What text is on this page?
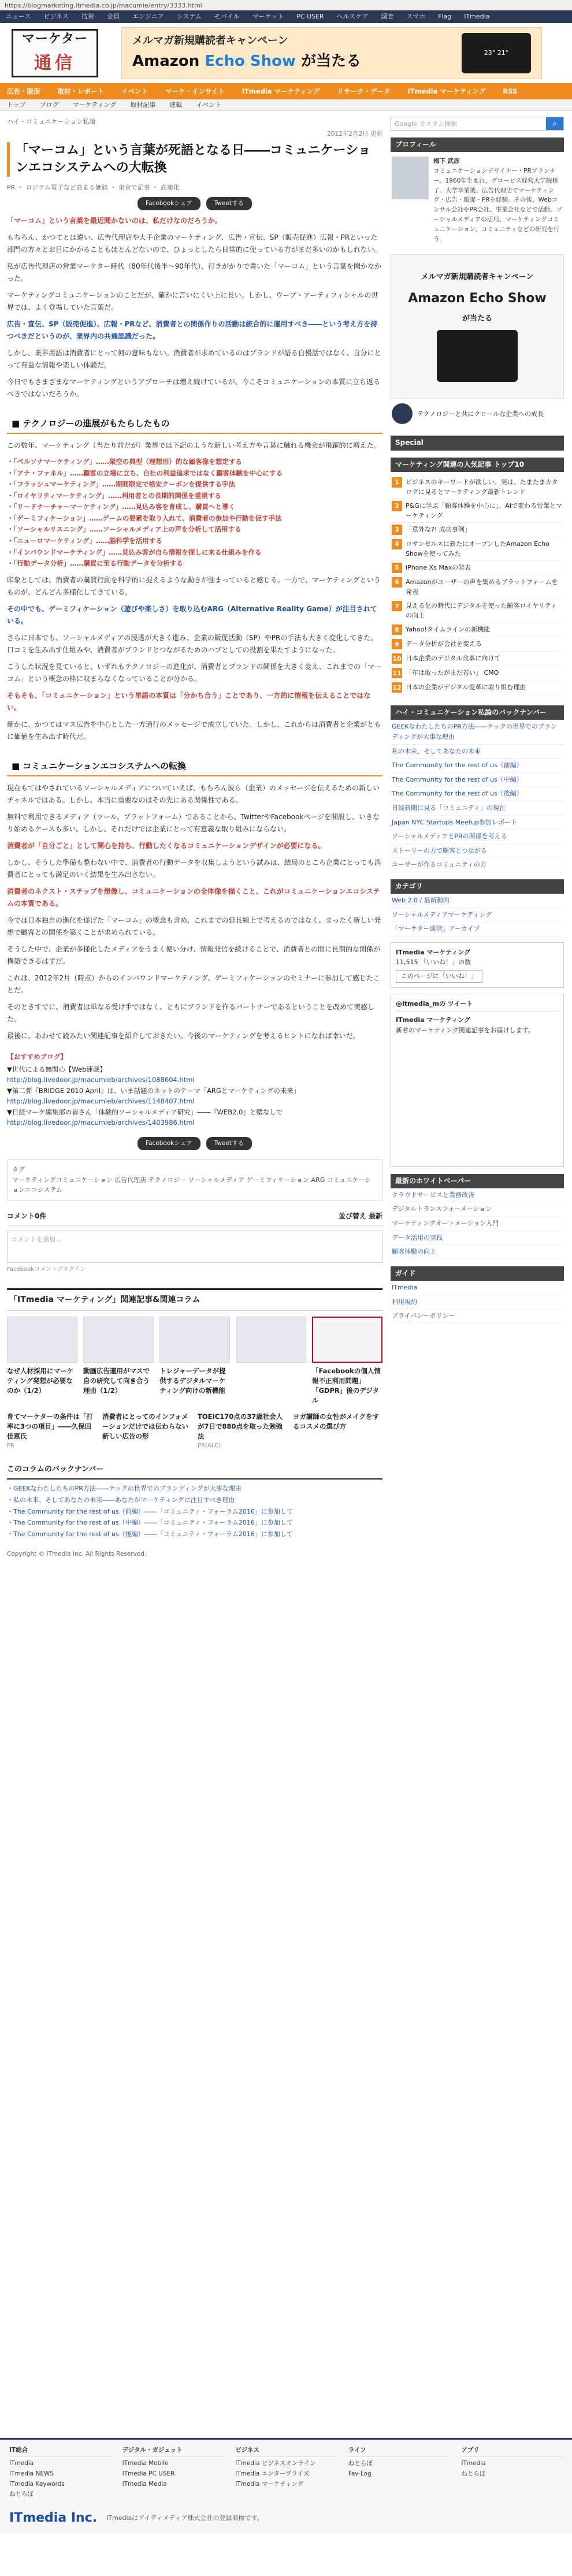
https://blogmarketing.itmedia.co.jp/macumie/entry/3333.html
ニュース ビジネス 技術 会員 エンジニア システム モバイル マーケット PC USER ヘルスケア 調査 スマホ Flag ITmedia
マーケター
通信
メルマガ新規購読者キャンペーン
Amazon Echo Show が当たる	23° 21°
広告・販促	取材・レポート	イベント	マーケ・インサイト	ITmedia マーケティング	リサーチ・データ	ITmedia マーケティング	RSS
トップ ブログ マーケティング 取材記事 連載 イベント
ハイ・コミュニケーション私論
2012年2月2日 更新
「マーコム」という言葉が死語となる日――コミュニケーションエコシステムへの大転換
PR ・ ロジテム電子など高まる価値 ・ 東京で記事 ・ 高速化
Facebookシェア	Tweetする

「マーコム」という言葉を最近聞かないのは、私だけなのだろうか。

もちろん、かつてとは違い、広告代理店や大手企業のマーケティング、広告・宣伝、SP（販売促進）広報・PRといった部門の方々とお目にかかることもほとんどないので、ひょっとしたら日常的に使っている方がまだ多いのかもしれない。

私が広告代理店の営業マーケター時代（80年代後半〜90年代）、行きがかりで書いた「マーコム」という言葉を聞かなかった。

マーケティングコミュニケーションのことだが、確かに言いにくい上に長い。しかし、ウーブ・アーティフィシャルの世界では、よく登場していた言葉だ。

広告・宣伝、SP（販売促進）、広報・PRなど、消費者との関係作りの活動は統合的に運用すべき――という考え方を持つべきだというのが、業界内の共通認識だった。

しかし、業界用語は消費者にとって何の意味もない。消費者が求めているのはブランドが語る自慢話ではなく、自分にとって有益な情報や楽しい体験だ。

今日でもさまざまなマーケティングというアプローチは増え続けているが、今こそコミュニケーションの本質に立ち返るべきではないだろうか。

■ テクノロジーの進展がもたらしたもの

この数年、マーケティング（当たり前だが）業界では下記のような新しい考え方や言葉に触れる機会が飛躍的に増えた。

・「ペルソナマーケティング」……架空の典型（理想形）的な顧客像を想定する
・「アナ・ファネル」……顧客の立場に立ち、自社の利益追求ではなく顧客体験を中心にする
・「フラッシュマーケティング」……期間限定で格安クーポンを提供する手法
・「ロイヤリティマーケティング」……利用者との長期的関係を重視する
・「リードナーチャーマーケティング」……見込み客を育成し、購買へと導く
・「ゲーミフィケーション」……ゲームの要素を取り入れて、消費者の参加や行動を促す手法
・「ソーシャルリスニング」……ソーシャルメディア上の声を分析して活用する
・「ニューロマーケティング」……脳科学を活用する
・「インバウンドマーケティング」……見込み客が自ら情報を探しに来る仕組みを作る
・「行動データ分析」……購買に至る行動データを分析する

印象としては、消費者の購買行動を科学的に捉えるような動きが強まっていると感じる。一方で、マーケティングというものが、どんどん多様化してきている。

その中でも、ゲーミフィケーション（遊びや楽しさ）を取り込むARG（Alternative Reality Game）が注目されている。

さらに日本でも、ソーシャルメディアの浸透が大きく進み、企業の販促活動（SP）やPRの手法も大きく変化してきた。口コミを生み出す仕組みや、消費者がブランドとつながるためのハブとしての役割を果たすようになった。

こうした状況を見ていると、いずれもテクノロジーの進化が、消費者とブランドの関係を大きく変え、これまでの「マーコム」という概念の枠に収まらなくなっていることが分かる。

そもそも、「コミュニケーション」という単語の本質は「分かち合う」ことであり、一方的に情報を伝えることではない。

確かに、かつてはマス広告を中心とした一方通行のメッセージで成立していた。しかし、これからは消費者と企業がともに価値を生み出す時代だ。

■ コミュニケーションエコシステムへの転換

現在もてはやされているソーシャルメディアについていえば、もちろん彼ら（企業）のメッセージを伝えるための新しいチャネルではある。しかし、本当に重要なのはその先にある関係性である。

無料で利用できるメディア（ツール、プラットフォーム）であることから、TwitterやFacebookページを開設し、いきなり始めるケースも多い。しかし、それだけでは企業にとって有意義な取り組みにならない。

消費者が「自分ごと」として関心を持ち、行動したくなるコミュニケーションデザインが必要になる。

しかし、そうした準備も整わない中で、消費者の行動データを収集しようという試みは、結局のところ企業にとっても消費者にとっても満足のいく結果を生み出さない。

消費者のネクスト・ステップを想像し、コミュニケーションの全体像を描くこと、これがコミュニケーションエコシステムの本質である。

今では日本独自の進化を遂げた「マーコム」の概念も含め、これまでの延長線上で考えるのではなく、まったく新しい発想で顧客との関係を築くことが求められている。

そうした中で、企業が多様化したメディアをうまく使い分け、情報発信を続けることで、消費者との間に長期的な関係が構築できるはずだ。

これは、2012年2月（時点）からのインバウンドマーケティング、ゲーミフィケーションのセミナーに参加して感じたことだ。

そのときすでに、消費者は単なる受け手ではなく、ともにブランドを作るパートナーであるということを改めて実感した。

最後に、あわせて読みたい関連記事を紹介しておきたい。今後のマーケティングを考えるヒントになれば幸いだ。

【おすすめブログ】
▼世代による無関心【Web連載】
http://blog.livedoor.jp/macumieb/archives/1088604.html
▼第二弾『BRIDGE 2010 April』は、いま話題のネットのテーマ「ARGとマーケティングの未来」
http://blog.livedoor.jp/macumieb/archives/1148407.html
▼日経マーケ編集部の皆さん「体験的ソーシャルメディア研究」――『WEB2.0』と壁なしで
http://blog.livedoor.jp/macumieb/archives/1403986.html
Facebookシェア	Tweetする
タグ
マーケティングコミュニケーション 広告代理店 テクノロジー ソーシャルメディア ゲーミフィケーション ARG コミュニケーションエコシステム
コメント0件	並び替え 最新
コメントを追加...
Facebookコメントプラグイン
「ITmedia マーケティング」関連記事&関連コラム
なぜ人材採用にマーケティング発想が必要なのか（1/2）
動画広告運用がマスで自の研究して向き合う理由（1/2）
トレジャーデータが提供するデジタルマーケティング向けの新機能
「Facebookの個人情報不正利用問題」「GDPR」後のデジタル
育てマーケターの条件は「打率に3つの項目」――久保田 佳恵氏
PR
消費者にとってのインフォメーションだけでは伝わらない新しい広告の形
TOEIC170点の37歳社会人が7日で880点を取った勉強法
PR(ALC)
ヨガ講師の女性がメイクをするコスメの選び方
このコラムのバックナンバー
・GEEKなわたしたちのPR方法――テックの世界でのブランディングが大事な理由
・私の未来、そしてあなたの未来――あなたがマーケティングに注目すべき理由
・The Community for the rest of us（前編）――「コミュニティ・フォーラム2016」に参加して
・The Community for the rest of us（中編）――「コミュニティ・フォーラム2016」に参加して
・The Community for the rest of us（後編）――「コミュニティ・フォーラム2016」に参加して
Copyright © ITmedia Inc. All Rights Reserved.
Google カスタム検索	⌕
プロフィール
梅下 武彦
コミュニケーションデザイナー・PRプランナー。1960年生まれ。グロービス経営大学院修了。大学卒業後、広告代理店でマーケティング・広告・販促・PRを経験。その後、Webコンサル会社やPR会社、事業会社などで活動。ソーシャルメディアの活用、マーケティングコミュニケーション、コミュニティなどの研究を行う。
メルマガ新規購読者キャンペーン
Amazon Echo Show
が当たる
テクノロジーと共にクロールな企業への成長
Special
マーケティング関連の人気記事 トップ10
1	ビジネスのキーワードが欲しい。実は、たまたまカタログに見るとマーケティング最新トレンド
2	P&Gに学ぶ「顧客体験を中心に」、AIで変わる営業とマーケティング
3	「意外な?! 成功事例」
4	ロサンゼルスに新たにオープンしたAmazon Echo Showを使ってみた
5	iPhone Xs Maxの発表
6	Amazonがユーザーの声を集めるプラットフォームを発表
7	見える化の時代にデジタルを使った顧客ロイヤリティの向上
8	Yahoo!タイムラインの新機能
9	データ分析が会社を変える
10 日本企業のデジタル改革に向けて
11 「年は取ったがまだ若い」 CMO
12 日本の企業がデジタル変革に取り組む理由
ハイ・コミュニケーション私論のバックナンバー
GEEKなわたしたちのPR方法――テックの世界でのブランディングが大事な理由
私の未来、そしてあなたの未来
The Community for the rest of us（前編）
The Community for the rest of us（中編）
The Community for the rest of us（後編）
日経新聞に見る「コミュニティ」の現在
Japan NYC Startups Meetup参加レポート
ソーシャルメディアとPRの関係を考える
ストーリーの力で顧客とつながる
ユーザーが作るコミュニティの力
カテゴリ
Web 2.0 / 最新動向
ソーシャルメディアマーケティング
「マーケター通信」アーカイブ
ITmedia マーケティング
11,515 「いいね！」の数
このページに「いいね！」
@itmedia_mの ツイート
ITmedia マーケティング
新着のマーケティング関連記事をお届けします。
最新のホワイトペーパー
クラウドサービスと業務改善
デジタルトランスフォーメーション
マーケティングオートメーション入門
データ活用の実践
顧客体験の向上
ガイド
ITmedia
利用規約
プライバシーポリシー
IT総合
ITmedia
ITmedia NEWS
ITmedia Keywords
ねとらぼ
デジタル・ガジェット
ITmedia Mobile
ITmedia PC USER
ITmedia Media
ビジネス
ITmedia ビジネスオンライン
ITmedia エンタープライズ
ITmedia マーケティング
ライフ
ねとらぼ
Fav-Log
アプリ
ITmedia
ねとらぼ
ITmedia Inc. ITmediaはアイティメディア株式会社の登録商標です。
